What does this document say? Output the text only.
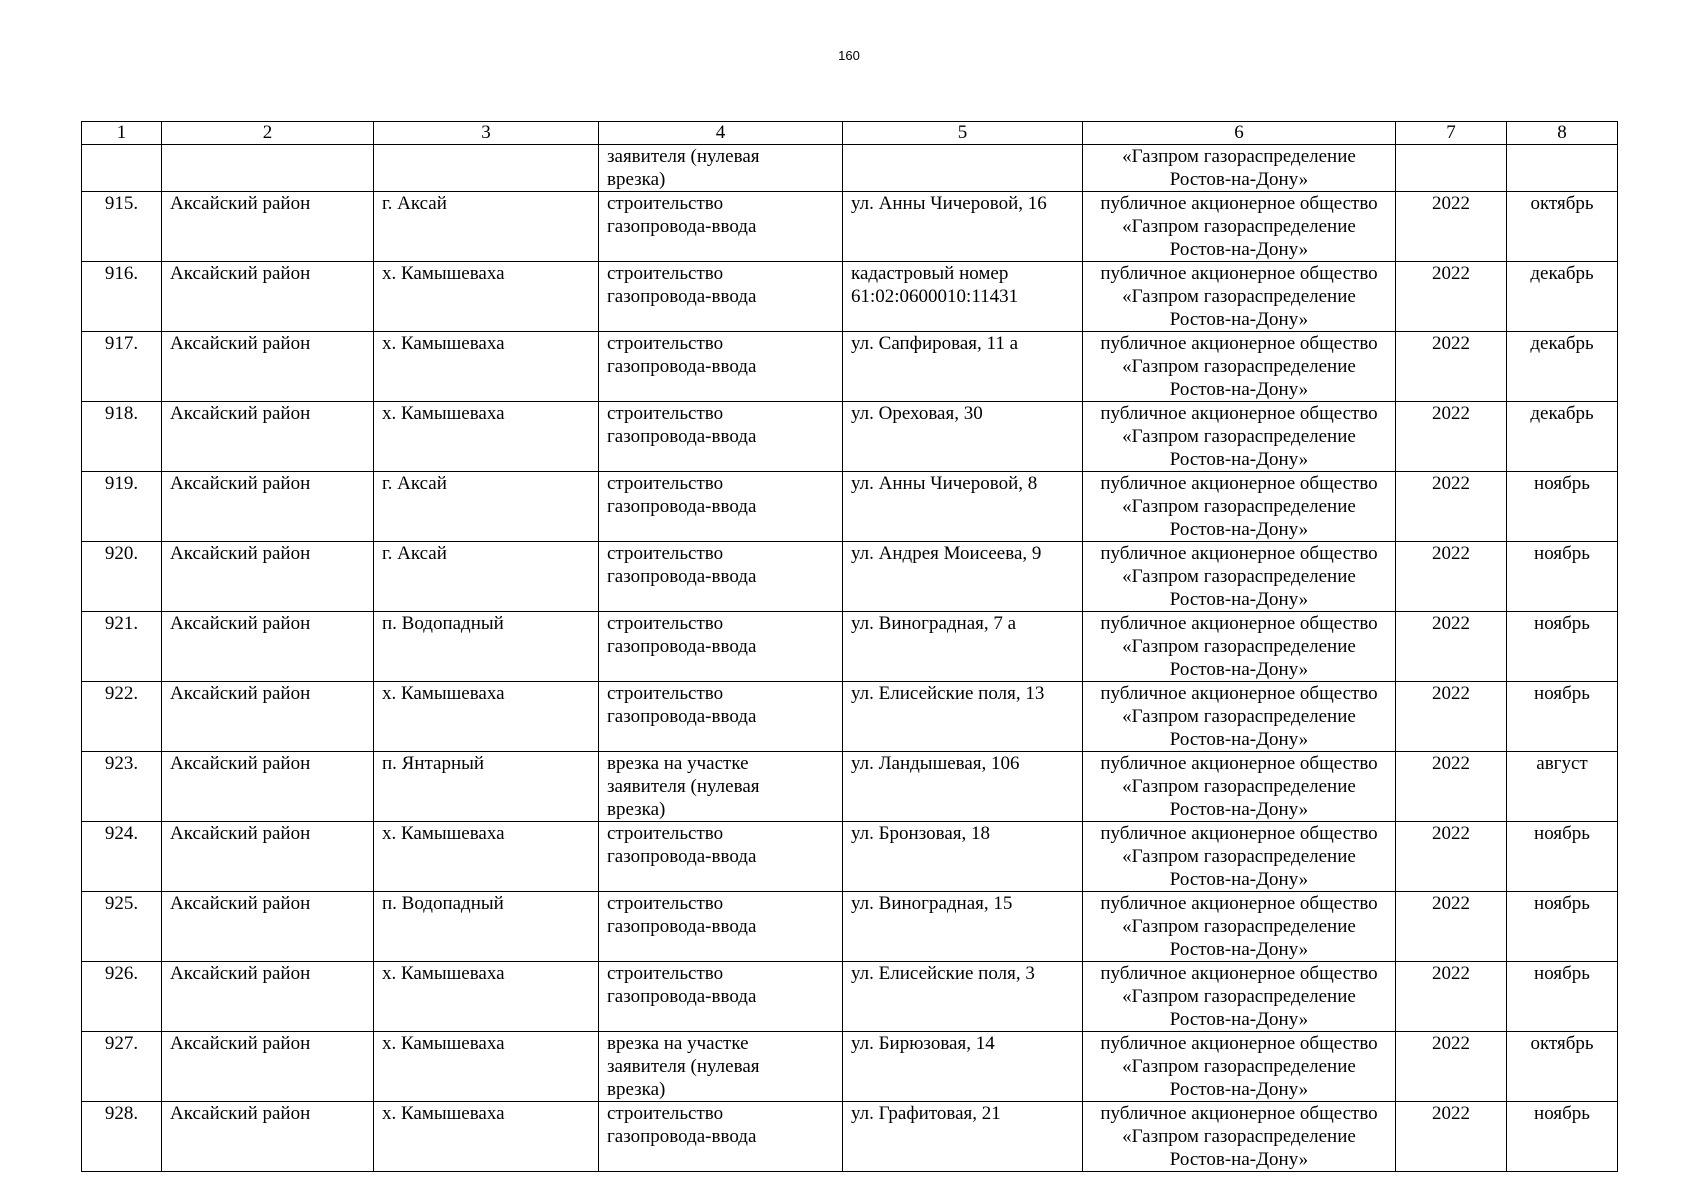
160
1	2	3	4	5	6	7	8

			заявителя (нулевая
врезка)		«Газпром газораспределение
Ростов-на-Дону»		

915.	Аксайский район	г. Аксай	строительство
газопровода-ввода	ул. Анны Чичеровой, 16	публичное акционерное общество
«Газпром газораспределение
Ростов-на-Дону»	2022	октябрь
916.	Аксайский район	х. Камышеваха	строительство
газопровода-ввода	кадастровый номер
61:02:0600010:11431	публичное акционерное общество
«Газпром газораспределение
Ростов-на-Дону»	2022	декабрь
917.	Аксайский район	х. Камышеваха	строительство
газопровода-ввода	ул. Сапфировая, 11 а	публичное акционерное общество
«Газпром газораспределение
Ростов-на-Дону»	2022	декабрь
918.	Аксайский район	х. Камышеваха	строительство
газопровода-ввода	ул. Ореховая, 30	публичное акционерное общество
«Газпром газораспределение
Ростов-на-Дону»	2022	декабрь
919.	Аксайский район	г. Аксай	строительство
газопровода-ввода	ул. Анны Чичеровой, 8	публичное акционерное общество
«Газпром газораспределение
Ростов-на-Дону»	2022	ноябрь
920.	Аксайский район	г. Аксай	строительство
газопровода-ввода	ул. Андрея Моисеева, 9	публичное акционерное общество
«Газпром газораспределение
Ростов-на-Дону»	2022	ноябрь
921.	Аксайский район	п. Водопадный	строительство
газопровода-ввода	ул. Виноградная, 7 а	публичное акционерное общество
«Газпром газораспределение
Ростов-на-Дону»	2022	ноябрь
922.	Аксайский район	х. Камышеваха	строительство
газопровода-ввода	ул. Елисейские поля, 13	публичное акционерное общество
«Газпром газораспределение
Ростов-на-Дону»	2022	ноябрь
923.	Аксайский район	п. Янтарный	врезка на участке
заявителя (нулевая
врезка)	ул. Ландышевая, 106	публичное акционерное общество
«Газпром газораспределение
Ростов-на-Дону»	2022	август
924.	Аксайский район	х. Камышеваха	строительство
газопровода-ввода	ул. Бронзовая, 18	публичное акционерное общество
«Газпром газораспределение
Ростов-на-Дону»	2022	ноябрь
925.	Аксайский район	п. Водопадный	строительство
газопровода-ввода	ул. Виноградная, 15	публичное акционерное общество
«Газпром газораспределение
Ростов-на-Дону»	2022	ноябрь
926.	Аксайский район	х. Камышеваха	строительство
газопровода-ввода	ул. Елисейские поля, 3	публичное акционерное общество
«Газпром газораспределение
Ростов-на-Дону»	2022	ноябрь
927.	Аксайский район	х. Камышеваха	врезка на участке
заявителя (нулевая
врезка)	ул. Бирюзовая, 14	публичное акционерное общество
«Газпром газораспределение
Ростов-на-Дону»	2022	октябрь
928.	Аксайский район	х. Камышеваха	строительство
газопровода-ввода	ул. Графитовая, 21	публичное акционерное общество
«Газпром газораспределение
Ростов-на-Дону»	2022	ноябрь
